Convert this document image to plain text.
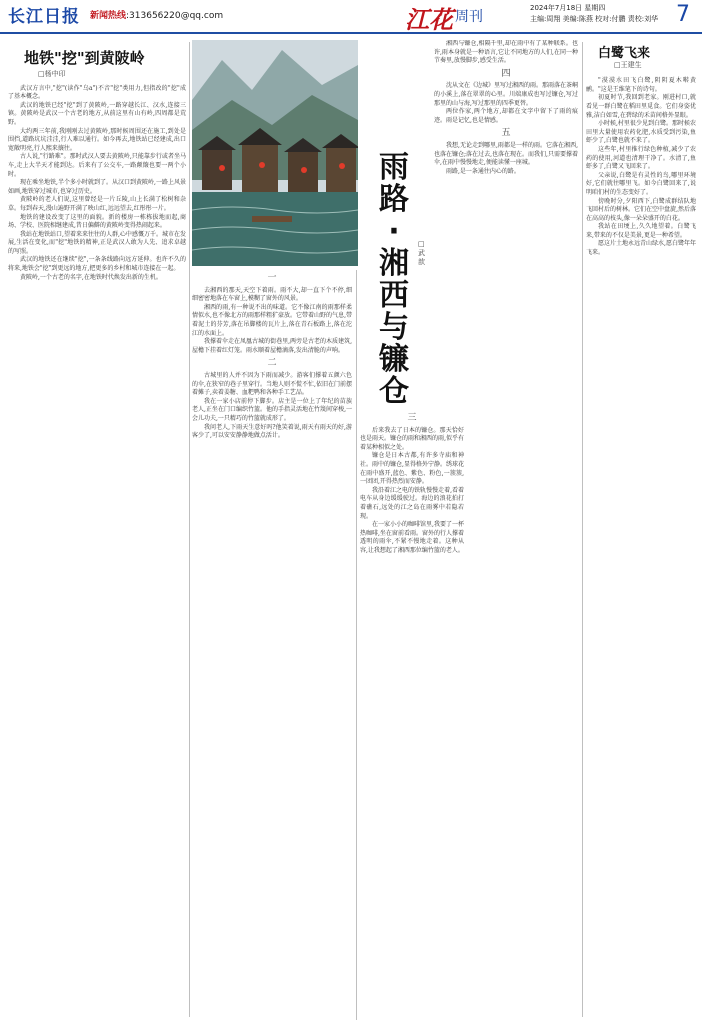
长江日报 新闻热线:313656220@qq.com	江花 周刊
2024年7月18日 星期四
主编:周翔 美编:陈燕 校对:付鹏 责校:刘华 7
地铁"挖"到黄陂岭
□杨中印

武汉方言中,"挖"(读作"乌a")不音"挖"类用力,但指改的"挖"成了基本概念。

武汉的地铁已经"挖"到了黄陂岭,一路穿越长江、汉水,连接三镇。黄陂岭是武汉一个古老的地方,从前这里有山有岭,四周都是荒野。

大约两三年前,我刚刚去过黄陂岭,那时候周围还在施工,到处是围挡,道路坑坑洼洼,行人难以通行。如今再去,地铁站已经建成,出口宽敞明亮,行人熙来攘往。

古人说,"行路难"。那时武汉人要去黄陂岭,只能靠步行或者坐马车,走上大半天才能到达。后来有了公交车,一路颠簸也要一两个小时。

现在乘坐地铁,半个多小时就到了。从汉口到黄陂岭,一路上风景如画,地铁穿过城市,也穿过历史。

黄陂岭的老人们说,这里曾经是一片丘陵,山上长满了松树和杂草。每到春天,漫山遍野开满了映山红,远远望去,红彤彤一片。

地铁的建设改变了这里的面貌。新的楼房一栋栋拔地而起,商场、学校、医院相继建成,昔日偏僻的黄陂岭变得热闹起来。

我站在地铁站口,望着来来往往的人群,心中感慨万千。城市在发展,生活在变化,而"挖"地铁的精神,正是武汉人敢为人先、追求卓越的写照。

武汉的地铁还在继续"挖",一条条线路向远方延伸。也许不久的将来,地铁会"挖"到更远的地方,把更多的乡村和城市连接在一起。

黄陂岭,一个古老的名字,在地铁时代焕发出新的生机。

雨
路
·
湘
西
与
镰
仓
□武歆
一

去湘西的那天,天空下着雨。雨不大,却一直下个不停,细细密密地落在车窗上,模糊了窗外的风景。

湘西的雨,有一种说不出的味道。它不像江南的雨那样柔情似水,也不像北方的雨那样粗犷豪放。它带着山野的气息,带着泥土的芬芳,落在吊脚楼的瓦片上,落在青石板路上,落在沱江的水面上。

我撑着伞走在凤凰古城的街巷里,两旁是古老的木质建筑,屋檐下挂着红灯笼。雨水顺着屋檐滴落,发出清脆的声响。

二

古城里的人并不因为下雨而减少。游客们撑着五颜六色的伞,在狭窄的巷子里穿行。当地人则不慌不忙,依旧在门前摆着摊子,卖着姜糖、血粑鸭和各种手工艺品。

我在一家小店前停下脚步。店主是一位上了年纪的苗族老人,正坐在门口编织竹篮。他的手指灵活地在竹篾间穿梭,一会儿功夫,一只精巧的竹篮就成形了。

我问老人,下雨天生意好吗?他笑着说,雨天有雨天的好,游客少了,可以安安静静地做点活计。

三

后来我去了日本的镰仓。那天恰好也是雨天。镰仓的雨和湘西的雨,似乎有着某种相似之处。

镰仓是日本古都,有许多寺庙和神社。雨中的镰仓,显得格外宁静。绣球花在雨中盛开,蓝色、紫色、粉色,一簇簇,一团团,开得热烈而安静。

我沿着江之电的铁轨慢慢走着,看着电车从身边缓缓驶过。海边的浪花拍打着礁石,远处的江之岛在雨雾中若隐若现。

在一家小小的咖啡馆里,我要了一杯热咖啡,坐在窗前看雨。窗外的行人撑着透明的雨伞,不紧不慢地走着。这种从容,让我想起了湘西那位编竹篮的老人。

湘西与镰仓,相隔千里,却在雨中有了某种联系。也许,雨本身就是一种语言,它让不同地方的人们,在同一种节奏里,放慢脚步,感受生活。

四

沈从文在《边城》里写过湘西的雨。那雨落在茶峒的小溪上,落在翠翠的心里。川端康成也写过镰仓,写过那里的山与海,写过那里的四季更替。

两位作家,两个地方,却都在文字中留下了雨的痕迹。雨是记忆,也是情感。

五

我想,无论走到哪里,雨都是一样的雨。它落在湘西,也落在镰仓;落在过去,也落在现在。而我们,只需要撑着伞,在雨中慢慢地走,便能读懂一座城。

雨路,是一条通往内心的路。

白鹭飞来
□王建生

"漠漠水田飞白鹭,阴阴夏木啭黄鹂。"这是王维笔下的诗句。

初夏时节,我回到老家。刚进村口,就看见一群白鹭在稻田里觅食。它们身姿优雅,洁白如雪,在碧绿的禾苗间格外显眼。

小时候,村里很少见到白鹭。那时候农田里大量使用农药化肥,水质受到污染,鱼虾少了,白鹭也就不来了。

这些年,村里推行绿色种植,减少了农药的使用,河道也清理干净了。水清了,鱼虾多了,白鹭又飞回来了。

父亲说,白鹭是有灵性的鸟,哪里环境好,它们就往哪里飞。如今白鹭回来了,说明咱们村的生态变好了。

傍晚时分,夕阳西下,白鹭成群结队地飞回村后的树林。它们在空中盘旋,然后落在高高的枝头,像一朵朵盛开的白花。

我站在田埂上,久久地望着。白鹭飞来,带来的不仅是美景,更是一种希望。

愿这片土地永远青山绿水,愿白鹭年年飞来。
